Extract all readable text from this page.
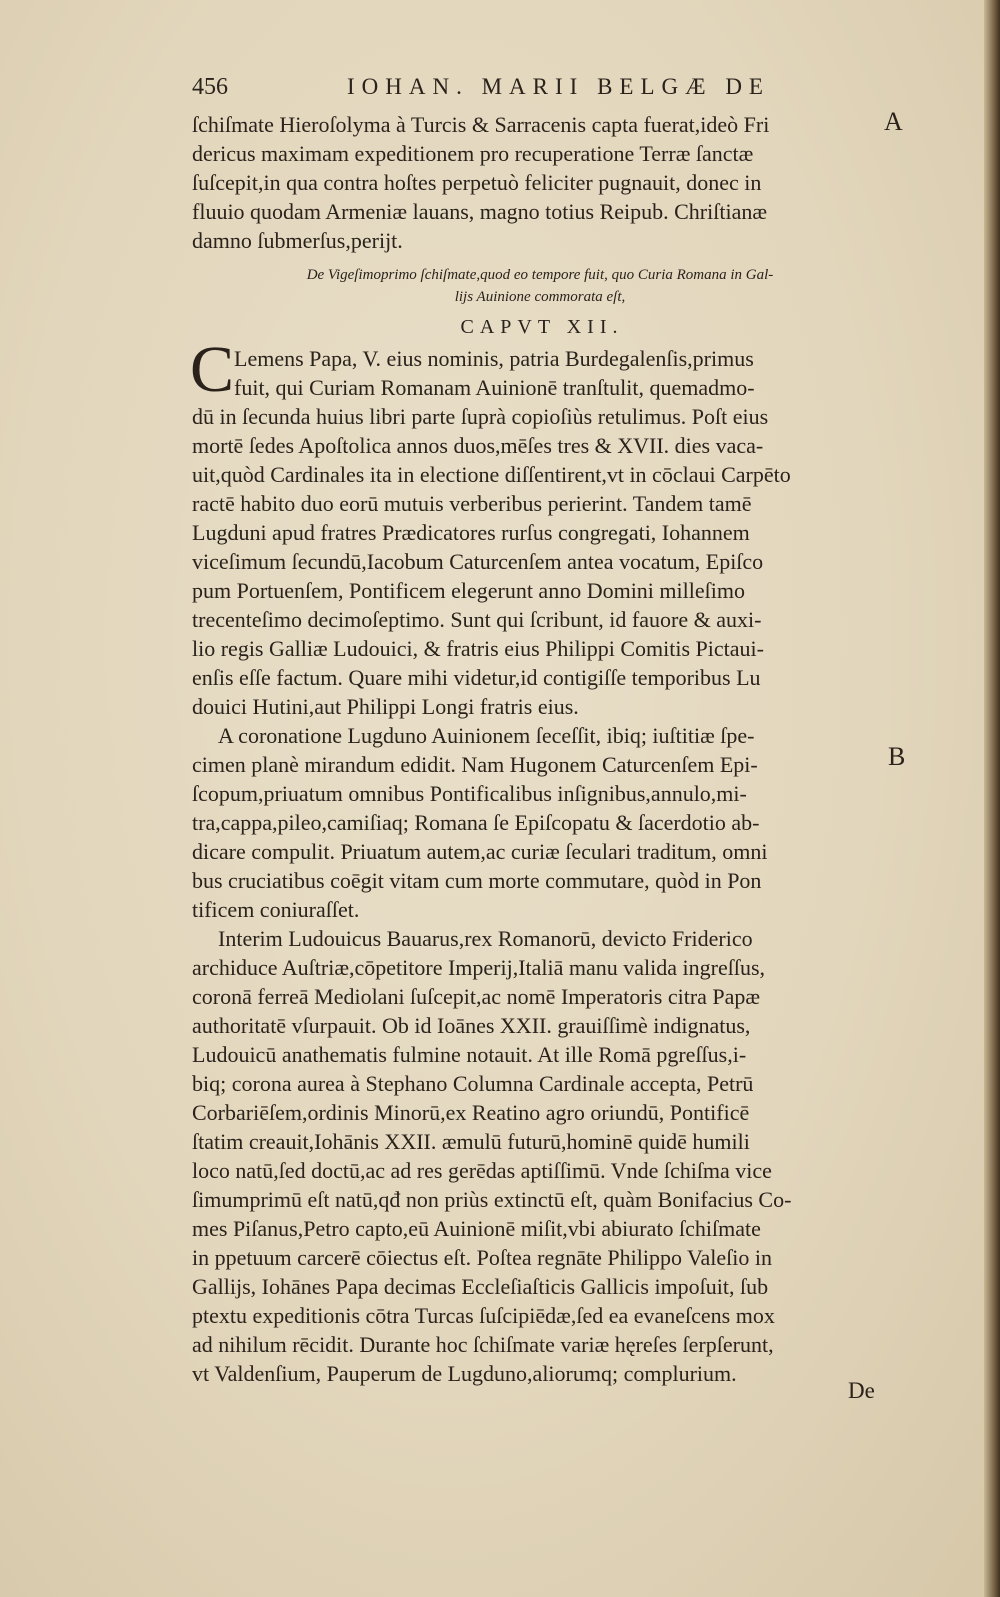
456	IOHAN. MARII BELGÆ DE
A
B
ſchiſmate Hieroſolyma à Turcis & Sarracenis capta fuerat,ideò Fri
dericus maximam expeditionem pro recuperatione Terræ ſanctæ
ſuſcepit,in qua contra hoſtes perpetuò feliciter pugnauit, donec in
fluuio quodam Armeniæ lauans, magno totius Reipub. Chriſtianæ
damno ſubmerſus,perijt.
De Vigeſimoprimo ſchiſmate,quod eo tempore fuit, quo Curia Romana in Gal-
lijs Auinione commorata eſt,
CAPVT XII.
C Lemens Papa, V. eius nominis, patria Burdegalenſis,primus
fuit, qui Curiam Romanam Auinionē tranſtulit, quemadmo-
dū in ſecunda huius libri parte ſuprà copioſiùs retulimus. Poſt eius
mortē ſedes Apoſtolica annos duos,mēſes tres & XVII. dies vaca-
uit,quòd Cardinales ita in electione diſſentirent,vt in cōclaui Carpēto
ractē habito duo eorū mutuis verberibus perierint. Tandem tamē
Lugduni apud fratres Prædicatores rurſus congregati, Iohannem
viceſimum ſecundū,Iacobum Caturcenſem antea vocatum, Epiſco
pum Portuenſem, Pontificem elegerunt anno Domini milleſimo
trecenteſimo decimoſeptimo. Sunt qui ſcribunt, id fauore & auxi-
lio regis Galliæ Ludouici, & fratris eius Philippi Comitis Pictaui-
enſis eſſe factum. Quare mihi videtur,id contigiſſe temporibus Lu
douici Hutini,aut Philippi Longi fratris eius.
A coronatione Lugduno Auinionem ſeceſſit, ibiq; iuſtitiæ ſpe-
cimen planè mirandum edidit. Nam Hugonem Caturcenſem Epi-
ſcopum,priuatum omnibus Pontificalibus inſignibus,annulo,mi-
tra,cappa,pileo,camiſiaq; Romana ſe Epiſcopatu & ſacerdotio ab-
dicare compulit. Priuatum autem,ac curiæ ſeculari traditum, omni
bus cruciatibus coēgit vitam cum morte commutare, quòd in Pon
tificem coniuraſſet.
Interim Ludouicus Bauarus,rex Romanorū, devicto Friderico
archiduce Auſtriæ,cōpetitore Imperij,Italiā manu valida ingreſſus,
coronā ferreā Mediolani ſuſcepit,ac nomē Imperatoris citra Papæ
authoritatē vſurpauit. Ob id Ioānes XXII. grauiſſimè indignatus,
Ludouicū anathematis fulmine notauit. At ille Romā pgreſſus,i-
biq; corona aurea à Stephano Columna Cardinale accepta, Petrū
Corbariēſem,ordinis Minorū,ex Reatino agro oriundū, Pontificē
ſtatim creauit,Iohānis XXII. æmulū futurū,hominē quidē humili
loco natū,ſed doctū,ac ad res gerēdas aptiſſimū. Vnde ſchiſma vice
ſimumprimū eſt natū,qđ non priùs extinctū eſt, quàm Bonifacius Co-
mes Piſanus,Petro capto,eū Auinionē miſit,vbi abiurato ſchiſmate
in ppetuum carcerē cōiectus eſt. Poſtea regnāte Philippo Valeſio in
Gallijs, Iohānes Papa decimas Eccleſiaſticis Gallicis impoſuit, ſub
ptextu expeditionis cōtra Turcas ſuſcipiēdæ,ſed ea evaneſcens mox
ad nihilum rēcidit. Durante hoc ſchiſmate variæ hęreſes ſerpſerunt,
vt Valdenſium, Pauperum de Lugduno,aliorumq; complurium.
De
